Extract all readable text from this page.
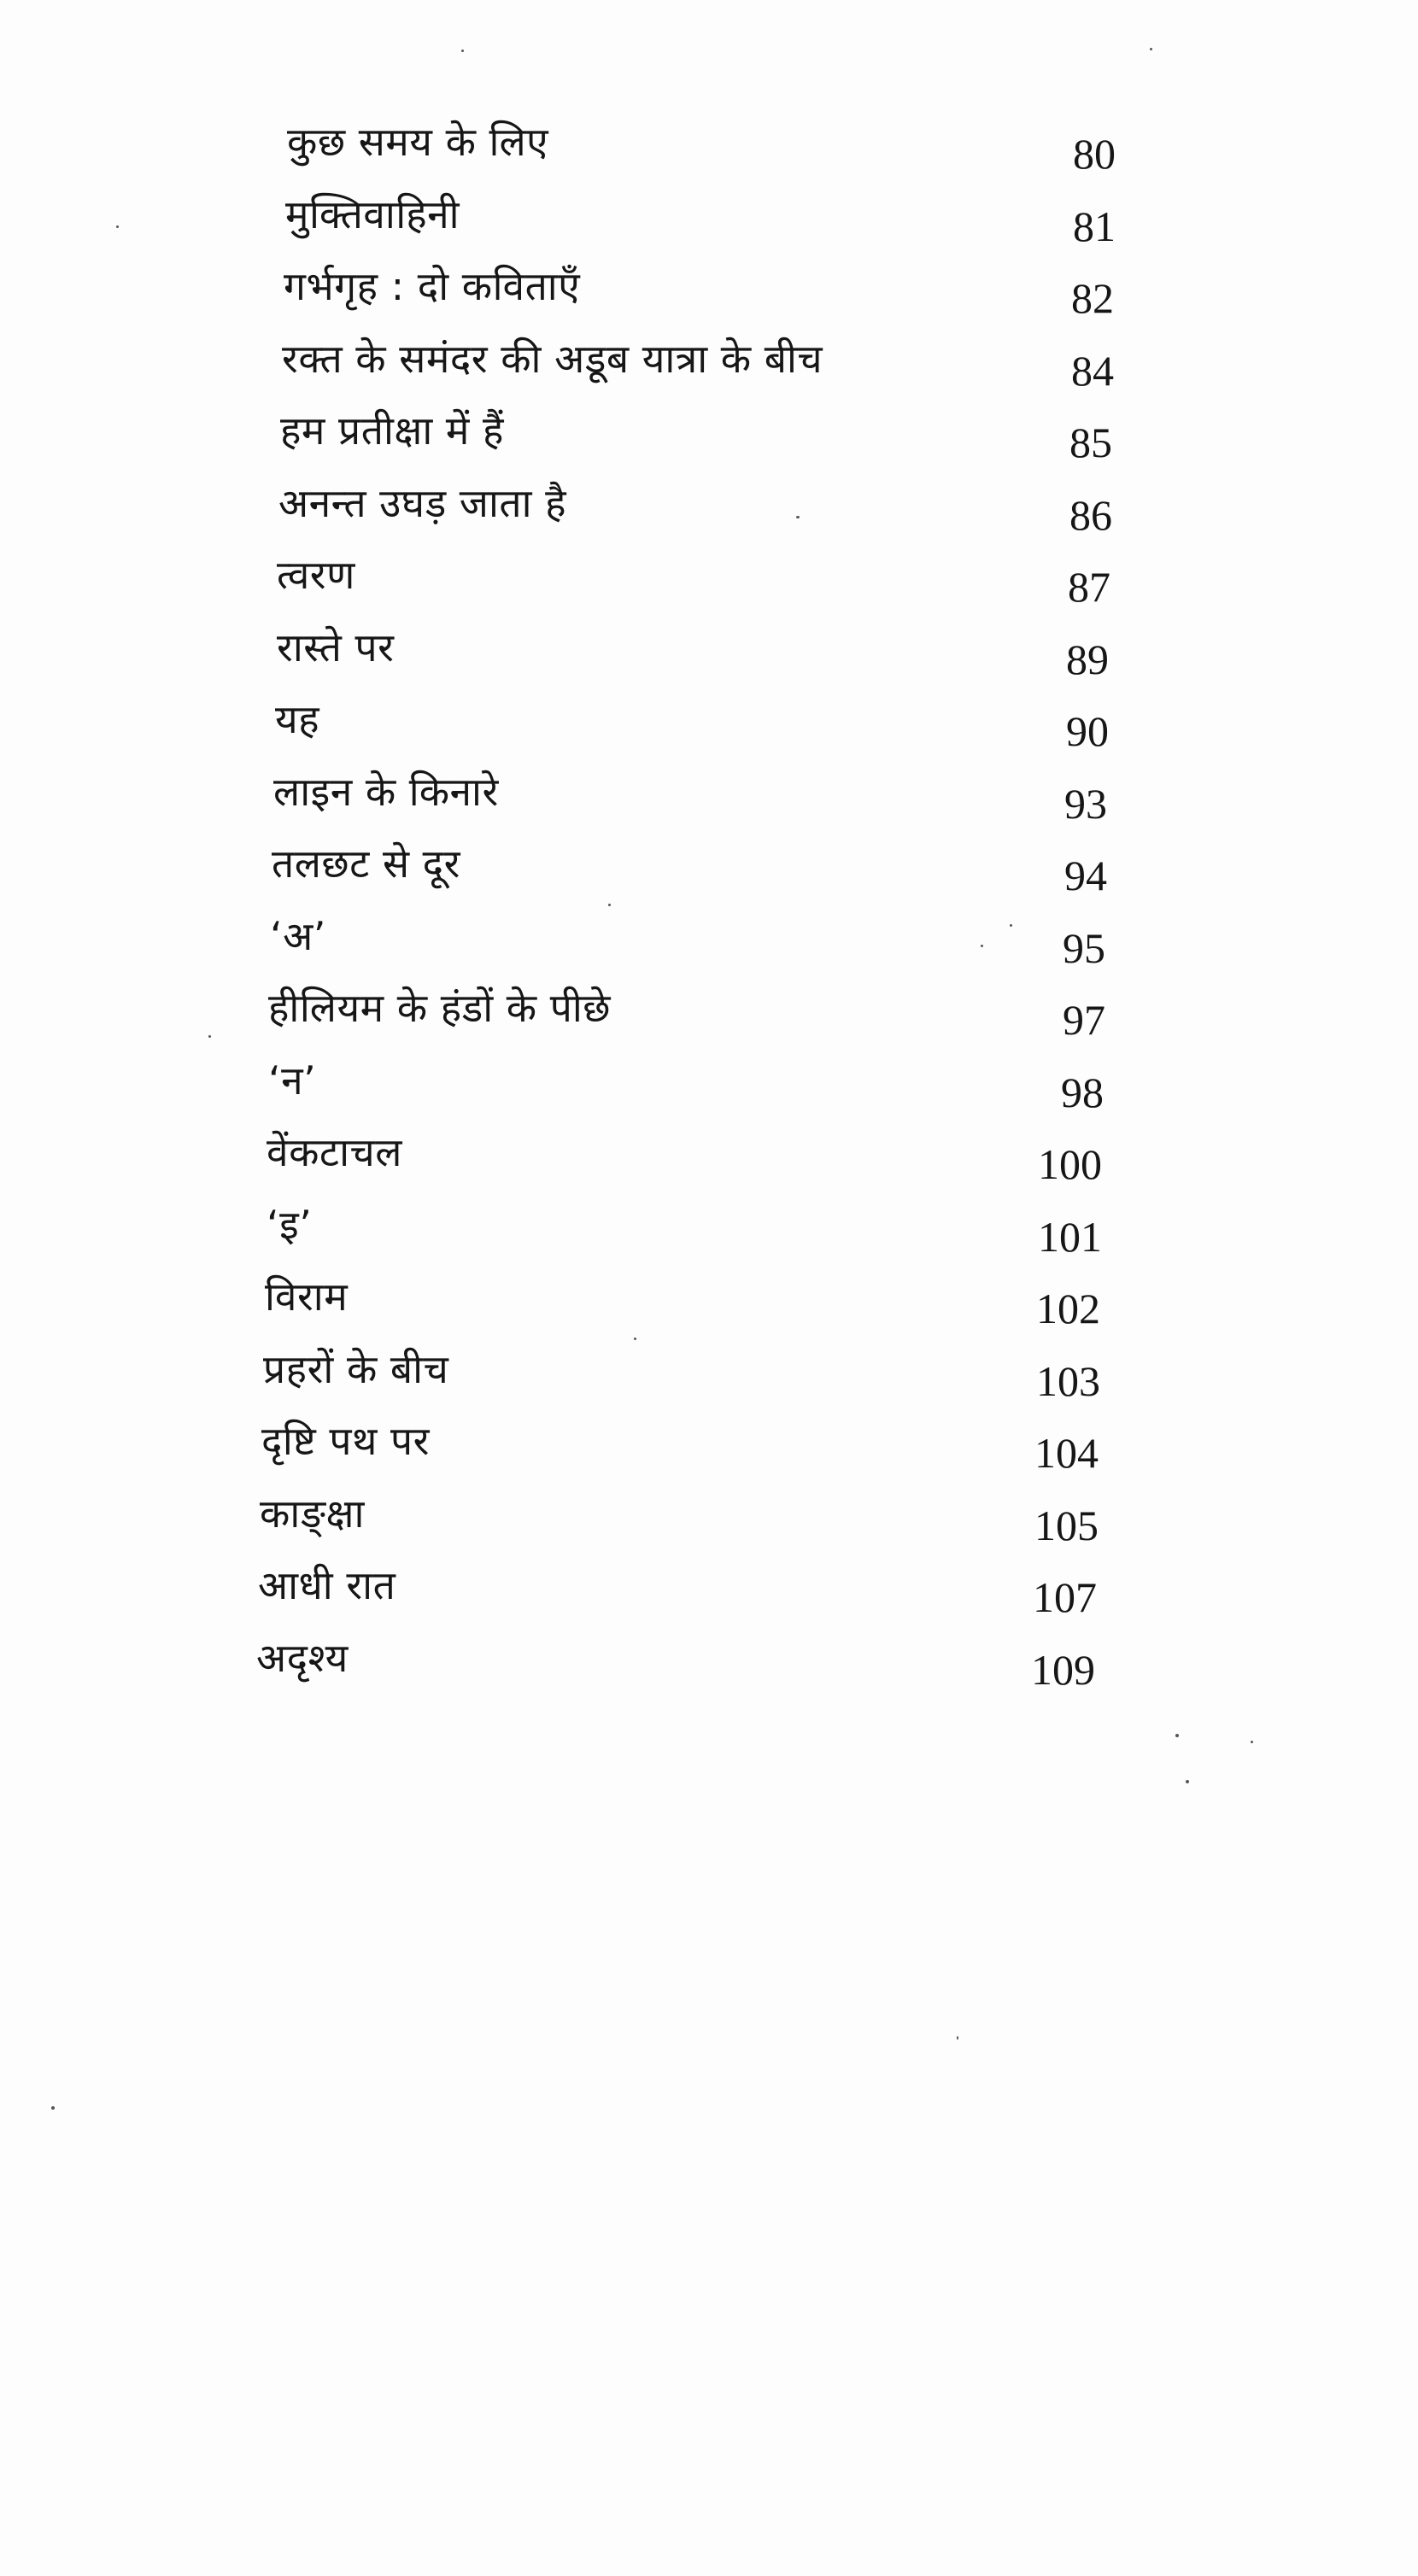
कुछ समय के लिए	80
मुक्तिवाहिनी	81
गर्भगृह : दो कविताएँ	82
रक्त के समंदर की अडूब यात्रा के बीच	84
हम प्रतीक्षा में हैं	85
अनन्त उघड़ जाता है	86
त्वरण	87
रास्ते पर	89
यह	90
लाइन के किनारे	93
तलछट से दूर	94
‘अ’	95
हीलियम के हंडों के पीछे	97
‘न’	98
वेंकटाचल	100
‘इ’	101
विराम	102
प्रहरों के बीच	103
दृष्टि पथ पर	104
काङ्क्षा	105
आधी रात	107
अदृश्य	109
